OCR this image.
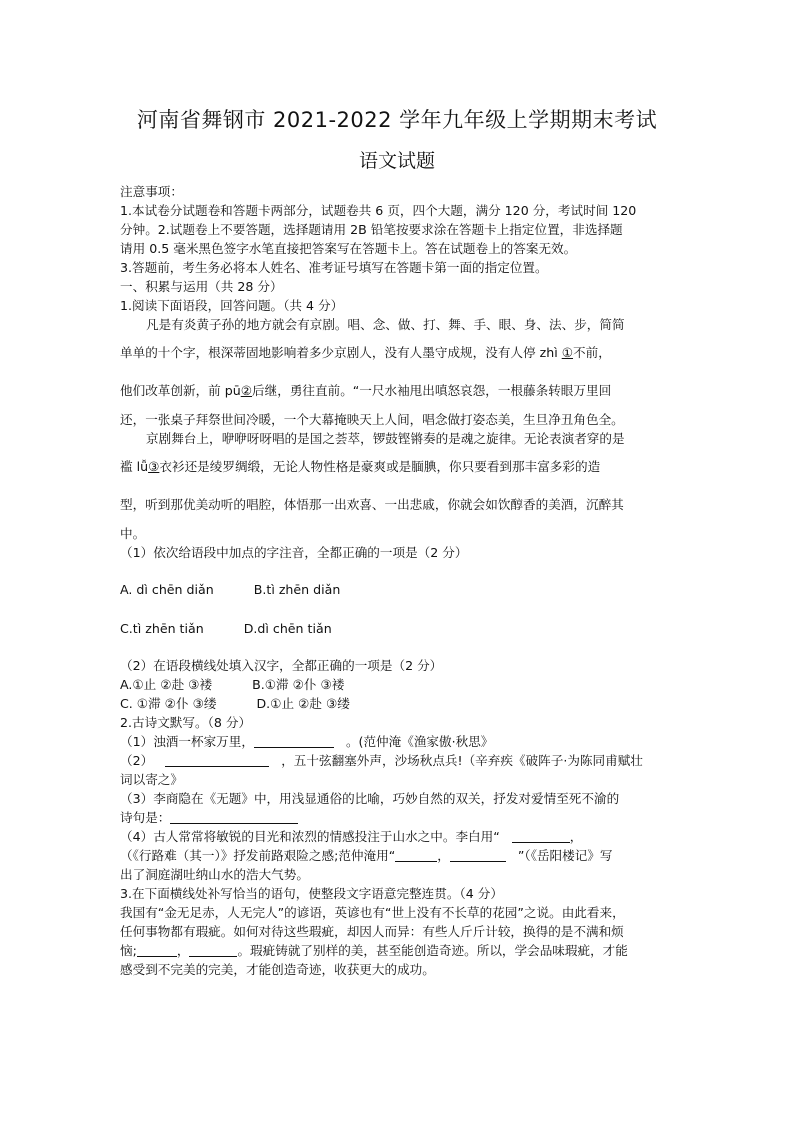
河南省舞钢市 2021-2022 学年九年级上学期期末考试
语文试题
注意事项：
1.本试卷分试题卷和答题卡两部分，试题卷共 6 页，四个大题，满分 120 分，考试时间 120
分钟。2.试题卷上不要答题，选择题请用 2B 铅笔按要求涂在答题卡上指定位置，非选择题
请用 0.5 毫米黑色签字水笔直接把答案写在答题卡上。答在试题卷上的答案无效。
3.答题前，考生务必将本人姓名、准考证号填写在答题卡第一面的指定位置。
一、积累与运用（共 28 分）
1.阅读下面语段，回答问题。（共 4 分）
凡是有炎黄子孙的地方就会有京剧。唱、念、做、打、舞、手、眼、身、法、步，简简
单单的十个字，根深蒂固地影响着多少京剧人，没有人墨守成规，没有人停 zhì ①不前，
他们改革创新，前 pū②后继，勇往直前。“一尺水袖甩出嗔怒哀怨，一根藤条转眼万里回
还，一张桌子拜祭世间冷暖，一个大幕掩映天上人间，唱念做打姿态美，生旦净丑角色全。
京剧舞台上，咿咿呀呀唱的是国之荟萃，锣鼓铿锵奏的是魂之旋律。无论表演者穿的是
褴 lǚ③衣衫还是绫罗绸缎，无论人物性格是豪爽或是腼腆，你只要看到那丰富多彩的造
型，听到那优美动听的唱腔，体悟那一出欢喜、一出悲戚，你就会如饮醇香的美酒，沉醉其
中。
（1）依次给语段中加点的字注音，全都正确的一项是（2 分）
A. dì chēn diǎn	B.tì zhēn diǎn
C.tì zhēn tiǎn	D.dì chēn tiǎn
（2）在语段横线处填入汉字，全都正确的一项是（2 分）
A.①止 ②赴 ③褛	B.①滞 ②仆 ③褛
C. ①滞 ②仆 ③缕	D.①止 ②赴 ③缕
2.古诗文默写。（8 分）
（1）浊酒一杯家万里，	。(范仲淹《渔家傲·秋思》
（2）	，五十弦翻塞外声，沙场秋点兵!（辛弃疾《破阵子·为陈同甫赋壮
词以寄之》
（3）李商隐在《无题》中，用浅显通俗的比喻，巧妙自然的双关，抒发对爱情至死不渝的
诗句是：
（4）古人常常将敏锐的目光和浓烈的情感投注于山水之中。李白用“	，
（《行路难（其一）》抒发前路艰险之感;范仲淹用“	，	”（《岳阳楼记》写
出了洞庭湖吐纳山水的浩大气势。
3.在下面横线处补写恰当的语句，使整段文字语意完整连贯。（4 分）
我国有“金无足赤，人无完人”的谚语，英谚也有“世上没有不长草的花园”之说。由此看来，
任何事物都有瑕疵。如何对待这些瑕疵，却因人而异：有些人斤斤计较，换得的是不满和烦
恼;	，	。瑕疵铸就了别样的美，甚至能创造奇迹。所以，学会品味瑕疵，才能
感受到不完美的完美，才能创造奇迹，收获更大的成功。
